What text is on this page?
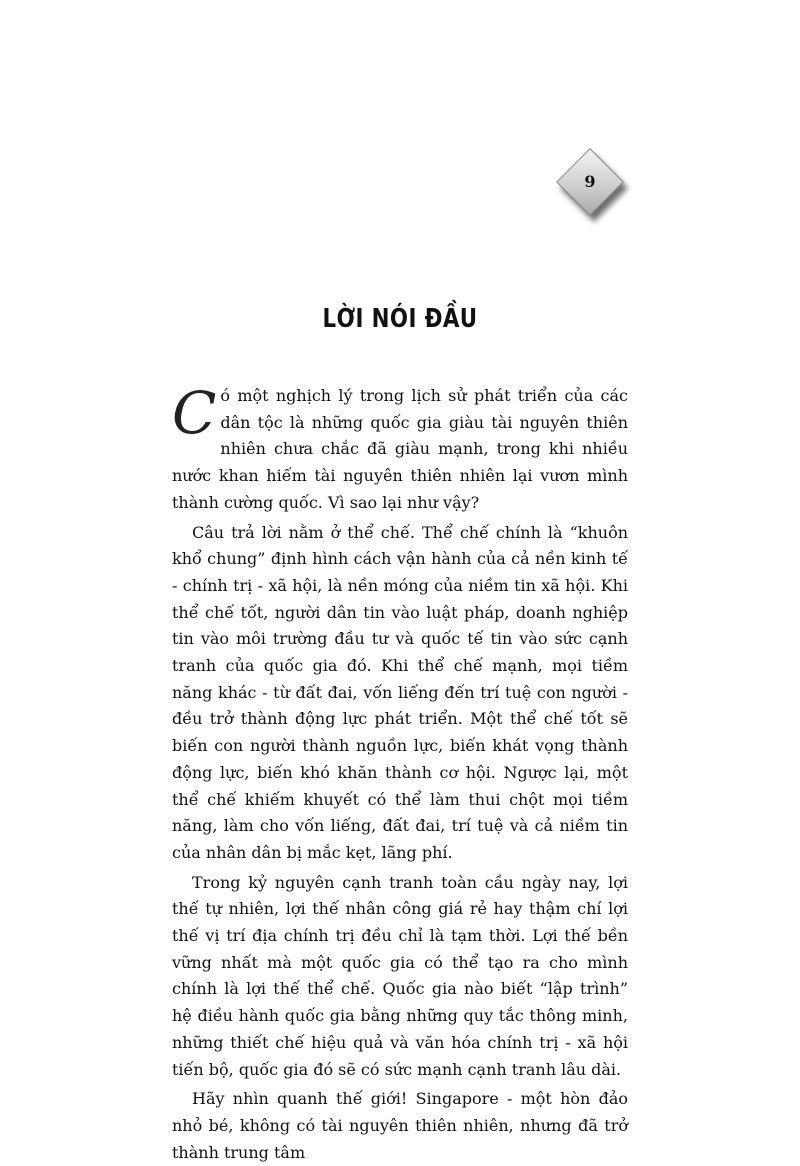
9
LỜI NÓI ĐẦU

Có một nghịch lý trong lịch sử phát triển của các dân tộc là những quốc gia giàu tài nguyên thiên nhiên chưa chắc đã giàu mạnh, trong khi nhiều nước khan hiếm tài nguyên thiên nhiên lại vươn mình thành cường quốc. Vì sao lại như vậy?

Câu trả lời nằm ở thể chế. Thể chế chính là “khuôn khổ chung” định hình cách vận hành của cả nền kinh tế - chính trị - xã hội, là nền móng của niềm tin xã hội. Khi thể chế tốt, người dân tin vào luật pháp, doanh nghiệp tin vào môi trường đầu tư và quốc tế tin vào sức cạnh tranh của quốc gia đó. Khi thể chế mạnh, mọi tiềm năng khác - từ đất đai, vốn liếng đến trí tuệ con người - đều trở thành động lực phát triển. Một thể chế tốt sẽ biến con người thành nguồn lực, biến khát vọng thành động lực, biến khó khăn thành cơ hội. Ngược lại, một thể chế khiếm khuyết có thể làm thui chột mọi tiềm năng, làm cho vốn liếng, đất đai, trí tuệ và cả niềm tin của nhân dân bị mắc kẹt, lãng phí.

Trong kỷ nguyên cạnh tranh toàn cầu ngày nay, lợi thế tự nhiên, lợi thế nhân công giá rẻ hay thậm chí lợi thế vị trí địa chính trị đều chỉ là tạm thời. Lợi thế bền vững nhất mà một quốc gia có thể tạo ra cho mình chính là lợi thế thể chế. Quốc gia nào biết “lập trình” hệ điều hành quốc gia bằng những quy tắc thông minh, những thiết chế hiệu quả và văn hóa chính trị - xã hội tiến bộ, quốc gia đó sẽ có sức mạnh cạnh tranh lâu dài.

Hãy nhìn quanh thế giới! Singapore - một hòn đảo nhỏ bé, không có tài nguyên thiên nhiên, nhưng đã trở thành trung tâm
